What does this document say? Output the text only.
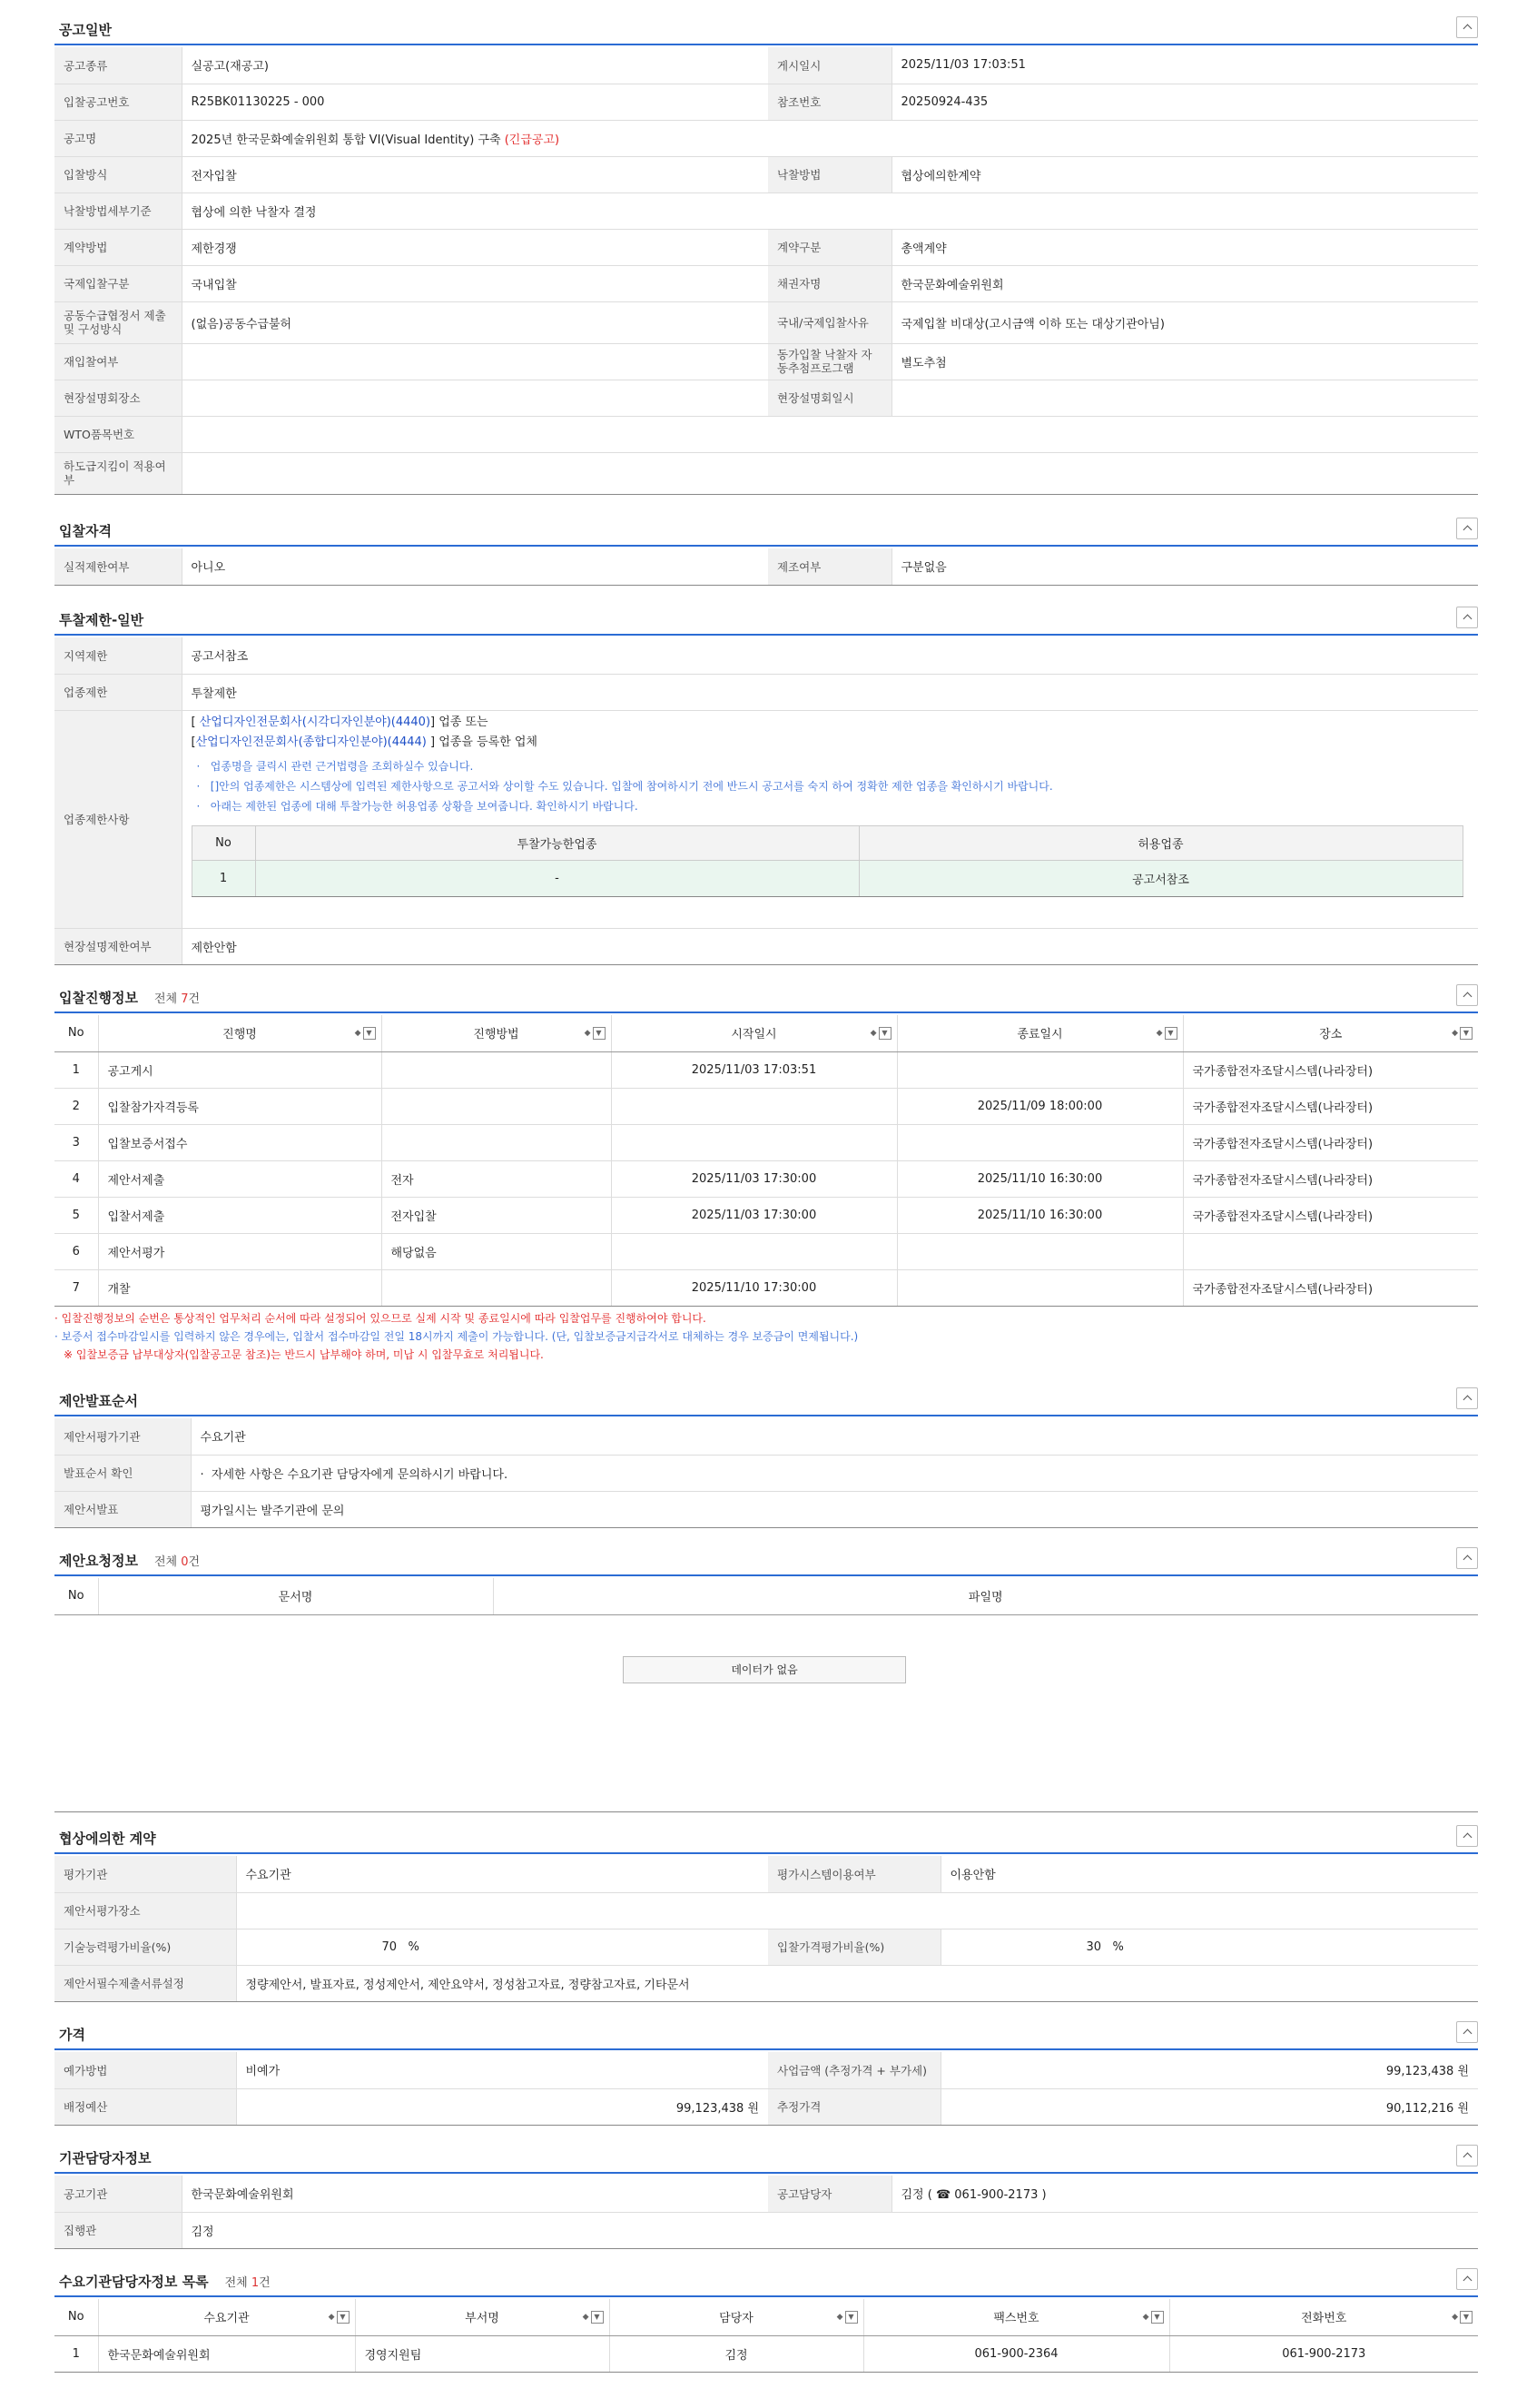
공고일반
공고종류	실공고(재공고)	게시일시	2025/11/03 17:03:51
입찰공고번호	R25BK01130225 - 000	참조번호	20250924-435
공고명	2025년 한국문화예술위원회 통합 VI(Visual Identity) 구축 (긴급공고)		
입찰방식	전자입찰	낙찰방법	협상에의한계약
낙찰방법세부기준	협상에 의한 낙찰자 결정		
계약방법	제한경쟁	계약구분	총액계약
국제입찰구분	국내입찰	채권자명	한국문화예술위원회
공동수급협정서 제출 및 구성방식	(없음)공동수급불허	국내/국제입찰사유	국제입찰 비대상(고시금액 이하 또는 대상기관아님)
재입찰여부		동가입찰 낙찰자 자동추첨프로그램	별도추첨
현장설명회장소		현장설명회일시	
WTO품목번호			
하도급지킴이 적용여부			
입찰자격
실적제한여부	아니오	제조여부	구분없음
투찰제한-일반
지역제한	공고서참조
업종제한	투찰제한
업종제한사항	
[ 산업디자인전문회사(시각디자인분야)(4440)] 업종 또는
[산업디자인전문회사(종합디자인분야)(4444) ] 업종을 등록한 업체
·   업종명을 클릭시 관련 근거법령을 조회하실수 있습니다.
·   []안의 업종제한은 시스템상에 입력된 제한사항으로 공고서와 상이할 수도 있습니다. 입찰에 참여하시기 전에 반드시 공고서를 숙지 하여 정확한 제한 업종을 확인하시기 바랍니다.
·   아래는 제한된 업종에 대해 투찰가능한 허용업종 상황을 보여줍니다. 확인하시기 바랍니다.
No	투찰가능한업종	허용업종
1	-	공고서참조

현장설명제한여부	제한안함
입찰진행정보 전체 7건
No	진행명 ◆ ▼	진행방법 ◆ ▼	시작일시 ◆ ▼	종료일시 ◆ ▼	장소 ◆ ▼

1	공고게시		2025/11/03 17:03:51		국가종합전자조달시스템(나라장터)
2	입찰참가자격등록			2025/11/09 18:00:00	국가종합전자조달시스템(나라장터)
3	입찰보증서접수				국가종합전자조달시스템(나라장터)
4	제안서제출	전자	2025/11/03 17:30:00	2025/11/10 16:30:00	국가종합전자조달시스템(나라장터)
5	입찰서제출	전자입찰	2025/11/03 17:30:00	2025/11/10 16:30:00	국가종합전자조달시스템(나라장터)
6	제안서평가	해당없음			
7	개찰		2025/11/10 17:30:00		국가종합전자조달시스템(나라장터)
· 입찰진행정보의 순번은 통상적인 업무처리 순서에 따라 설정되어 있으므로 실제 시작 및 종료일시에 따라 입찰업무를 진행하여야 합니다.
· 보증서 접수마감일시를 입력하지 않은 경우에는, 입찰서 접수마감일 전일 18시까지 제출이 가능합니다. (단, 입찰보증금지급각서로 대체하는 경우 보증금이 면제됩니다.)
※ 입찰보증금 납부대상자(입찰공고문 참조)는 반드시 납부해야 하며, 미납 시 입찰무효로 처리됩니다.
제안발표순서
제안서평가기관	수요기관
발표순서 확인	·  자세한 사항은 수요기관 담당자에게 문의하시기 바랍니다.
제안서발표	평가일시는 발주기관에 문의
제안요청정보 전체 0건
No	문서명	파일명
데이터가 없음
협상에의한 계약
평가기관	수요기관	평가시스템이용여부	이용안함
제안서평가장소			
기술능력평가비율(%)	70 %	입찰가격평가비율(%)	30 %
제안서필수제출서류설정	정량제안서, 발표자료, 정성제안서, 제안요약서, 정성참고자료, 정량참고자료, 기타문서		
가격
예가방법	비예가	사업금액 (추정가격 + 부가세)	99,123,438 원
배정예산	99,123,438 원	추정가격	90,112,216 원
기관담당자정보
공고기관	한국문화예술위원회	공고담당자	김정 ( ☎ 061-900-2173 )
집행관	김정		
수요기관담당자정보 목록 전체 1건
No	수요기관 ◆ ▼	부서명 ◆ ▼	담당자 ◆ ▼	팩스번호 ◆ ▼	전화번호 ◆ ▼

1	한국문화예술위원회	경영지원팀	김정	061-900-2364	061-900-2173
